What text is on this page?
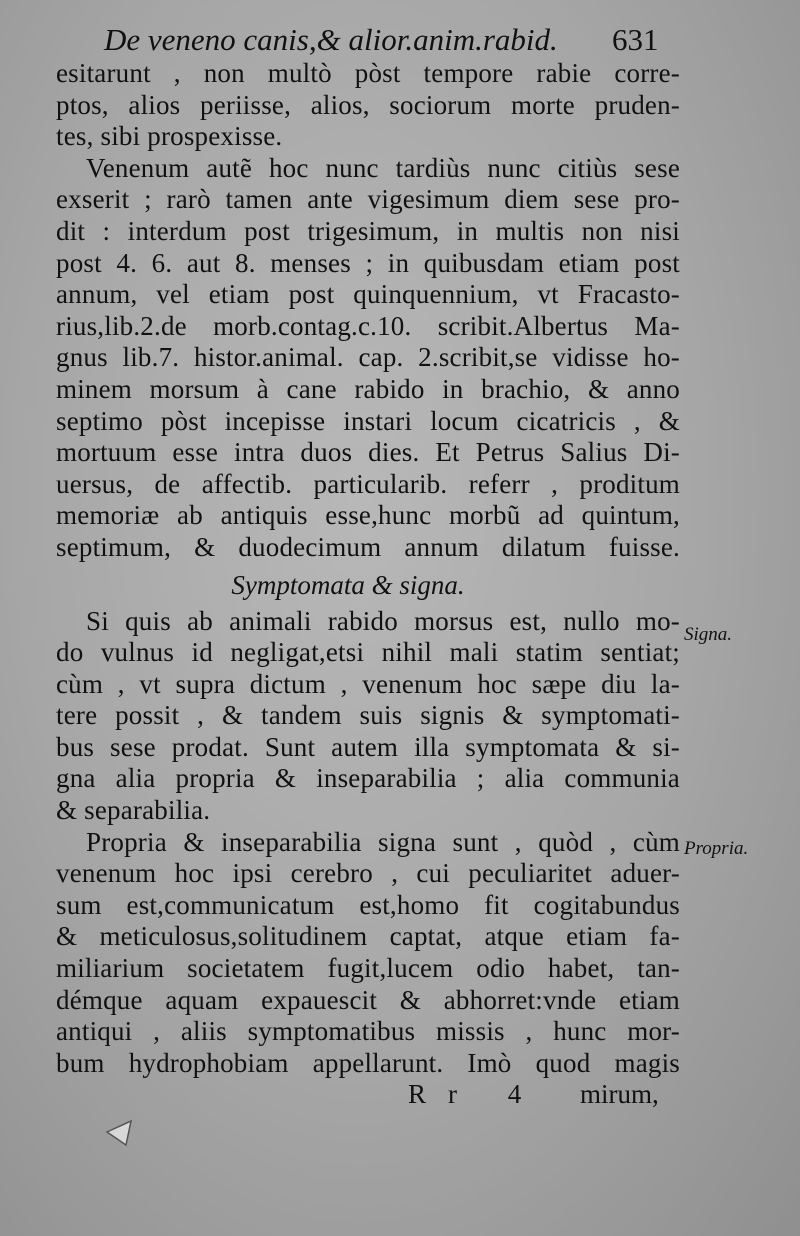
De veneno canis,& alior.anim.rabid. 631
esitarunt , non multò pòst tempore rabie corre-
ptos, alios periisse, alios, sociorum morte pruden-
tes, sibi prospexisse.
Venenum autẽ hoc nunc tardiùs nunc citiùs sese
exserit ; rarò tamen ante vigesimum diem sese pro-
dit : interdum post trigesimum, in multis non nisi
post 4. 6. aut 8. menses ; in quibusdam etiam post
annum, vel etiam post quinquennium, vt Fracasto-
rius,lib.2.de morb.contag.c.10. scribit.Albertus Ma-
gnus lib.7. histor.animal. cap. 2.scribit,se vidisse ho-
minem morsum à cane rabido in brachio, & anno
septimo pòst incepisse instari locum cicatricis , &
mortuum esse intra duos dies. Et Petrus Salius Di-
uersus, de affectib. particularib. referr , proditum
memoriæ ab antiquis esse,hunc morbũ ad quintum,
septimum, & duodecimum annum dilatum fuisse.
Symptomata & signa.
Si quis ab animali rabido morsus est, nullo mo-
do vulnus id negligat,etsi nihil mali statim sentiat;
cùm , vt supra dictum , venenum hoc sæpe diu la-
tere possit , & tandem suis signis & symptomati-
bus sese prodat. Sunt autem illa symptomata & si-
gna alia propria & inseparabilia ; alia communia
& separabilia.
Propria & inseparabilia signa sunt , quòd , cùm
venenum hoc ipsi cerebro , cui peculiaritet aduer-
sum est,communicatum est,homo fit cogitabundus
& meticulosus,solitudinem captat, atque etiam fa-
miliarium societatem fugit,lucem odio habet, tan-
démque aquam expauescit & abhorret:vnde etiam
antiqui , aliis symptomatibus missis , hunc mor-
bum hydrophobiam appellarunt. Imò quod magis
Signa.
Propria.
Rr 4 mirum,
